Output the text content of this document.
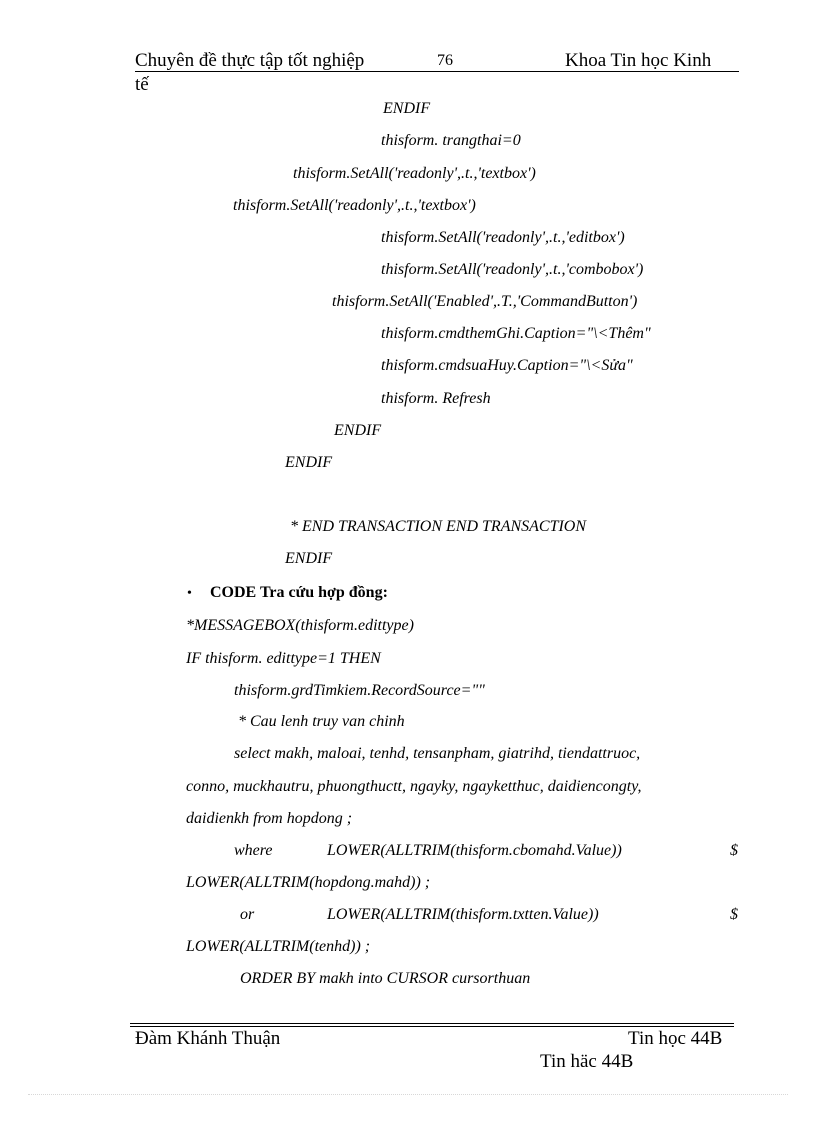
Chuyên đề thực tập tốt nghiệp	76	Khoa Tin học Kinh
tế
ENDIF
thisform. trangthai=0
thisform.SetAll('readonly',.t.,'textbox')
thisform.SetAll('readonly',.t.,'textbox')
thisform.SetAll('readonly',.t.,'editbox')
thisform.SetAll('readonly',.t.,'combobox')
thisform.SetAll('Enabled',.T.,'CommandButton')
thisform.cmdthemGhi.Caption="\<Thêm"
thisform.cmdsuaHuy.Caption="\<Sửa"
thisform. Refresh
ENDIF
ENDIF
* END TRANSACTION END TRANSACTION
ENDIF
• CODE Tra cứu hợp đồng:
*MESSAGEBOX(thisform.edittype)
IF thisform. edittype=1 THEN
thisform.grdTimkiem.RecordSource=""
* Cau lenh truy van chinh
select makh, maloai, tenhd, tensanpham, giatrihd, tiendattruoc,
conno, muckhautru, phuongthuctt, ngayky, ngayketthuc, daidiencongty,
daidienkh from hopdong ;
where	LOWER(ALLTRIM(thisform.cbomahd.Value))	$
LOWER(ALLTRIM(hopdong.mahd)) ;
or	LOWER(ALLTRIM(thisform.txtten.Value))	$
LOWER(ALLTRIM(tenhd)) ;
ORDER BY makh into CURSOR cursorthuan
Đàm Khánh Thuận	Tin học 44B
Tin häc 44B
